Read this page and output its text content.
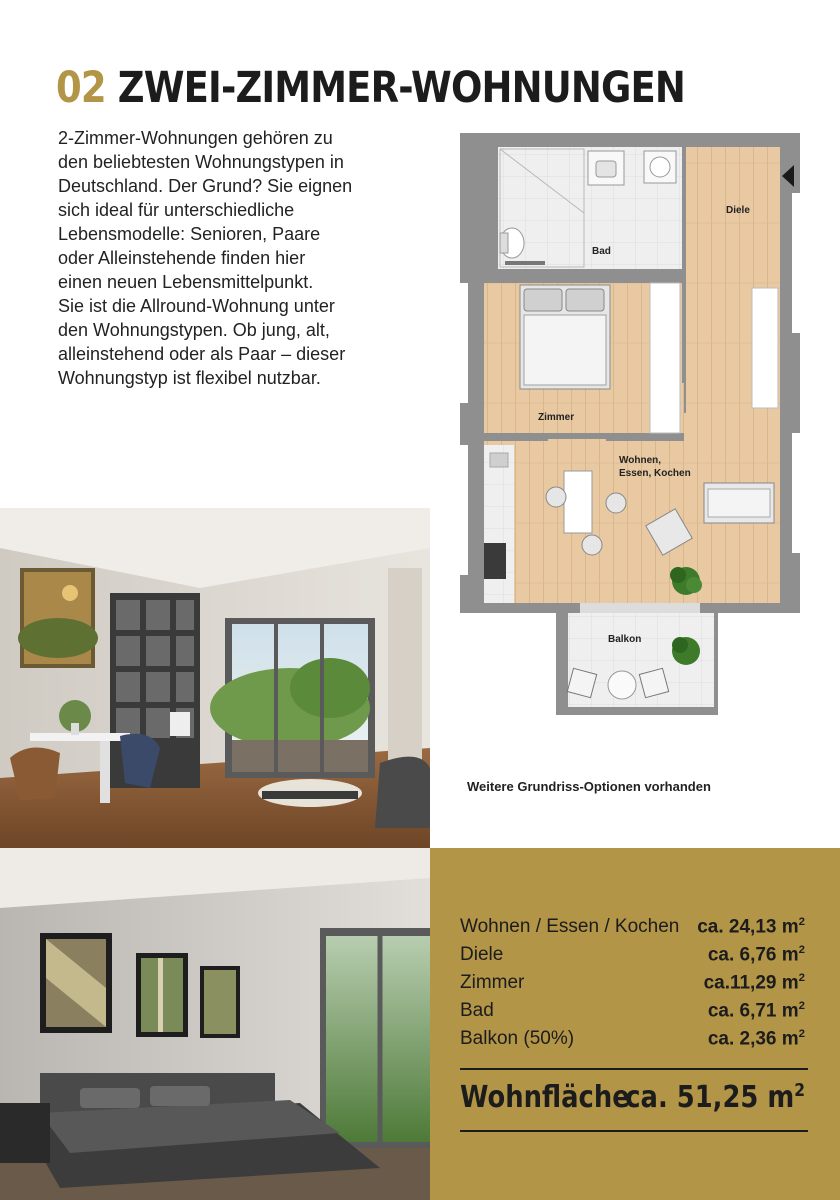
02 ZWEI-ZIMMER-WOHNUNGEN
2-Zimmer-Wohnungen gehören zu
den beliebtesten Wohnungstypen in
Deutschland. Der Grund? Sie eignen
sich ideal für unterschiedliche
Lebensmodelle: Senioren, Paare
oder Alleinstehende finden hier
einen neuen Lebensmittelpunkt.
Sie ist die Allround-Wohnung unter
den Wohnungstypen. Ob jung, alt,
alleinstehend oder als Paar – dieser
Wohnungstyp ist flexibel nutzbar.
Bad
Diele
Zimmer
Wohnen,
Essen, Kochen
Balkon

Weitere Grundriss-Optionen vorhanden

Wohnen / Essen / Kochen ca. 24,13 $m^2$
Diele	ca. 6,76 $m^2$
Zimmer	ca.11,29 $m^2$
Bad	ca. 6,71 $m^2$
Balkon (50%)	ca. 2,36 $m^2$
Wohnfläche
ca. 51,25 $m^2$
